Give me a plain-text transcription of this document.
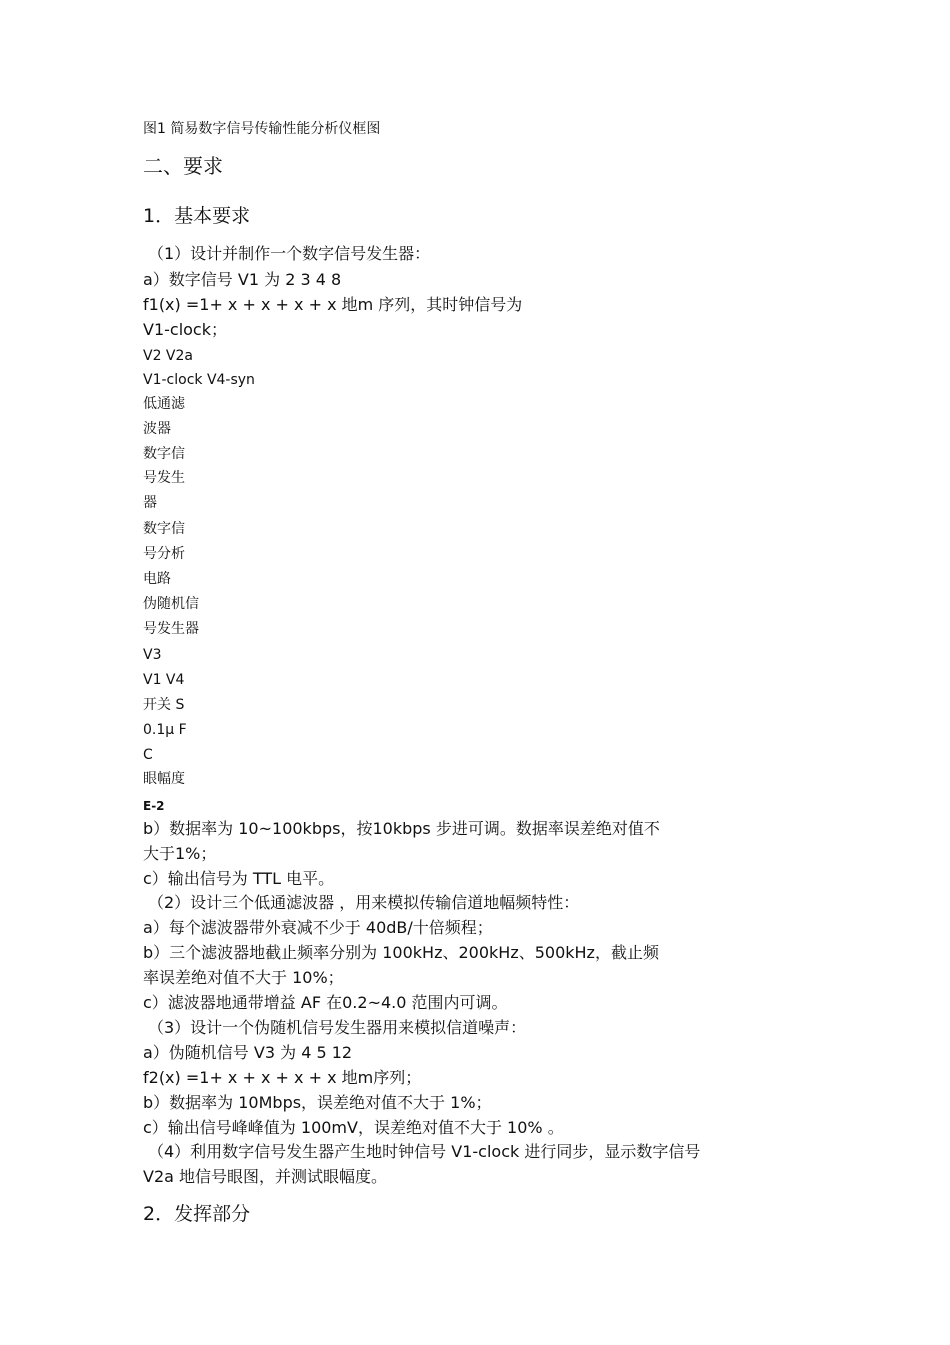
图1 简易数字信号传输性能分析仪框图
二、要求
1．基本要求
（1）设计并制作一个数字信号发生器：
a）数字信号 V1 为 2 3 4 8
f1(x) =1+ x + x + x + x 地m 序列，其时钟信号为
V1-clock；
V2 V2a
V1-clock V4-syn
低通滤
波器
数字信
号发生
器
数字信
号分析
电路
伪随机信
号发生器
V3
V1 V4
开关 S
0.1μ F
C
眼幅度
E-2
b）数据率为 10~100kbps，按10kbps 步进可调。数据率误差绝对值不
大于1%；
c）输出信号为 TTL 电平。
（2）设计三个低通滤波器 ，用来模拟传输信道地幅频特性：
a）每个滤波器带外衰减不少于 40dB/十倍频程；
b）三个滤波器地截止频率分别为 100kHz、200kHz、500kHz，截止频
率误差绝对值不大于 10%；
c）滤波器地通带增益 AF 在0.2~4.0 范围内可调。
（3）设计一个伪随机信号发生器用来模拟信道噪声：
a）伪随机信号 V3 为 4 5 12
f2(x) =1+ x + x + x + x 地m序列；
b）数据率为 10Mbps，误差绝对值不大于 1%；
c）输出信号峰峰值为 100mV，误差绝对值不大于 10% 。
（4）利用数字信号发生器产生地时钟信号 V1-clock 进行同步，显示数字信号
V2a 地信号眼图，并测试眼幅度。
2．发挥部分
